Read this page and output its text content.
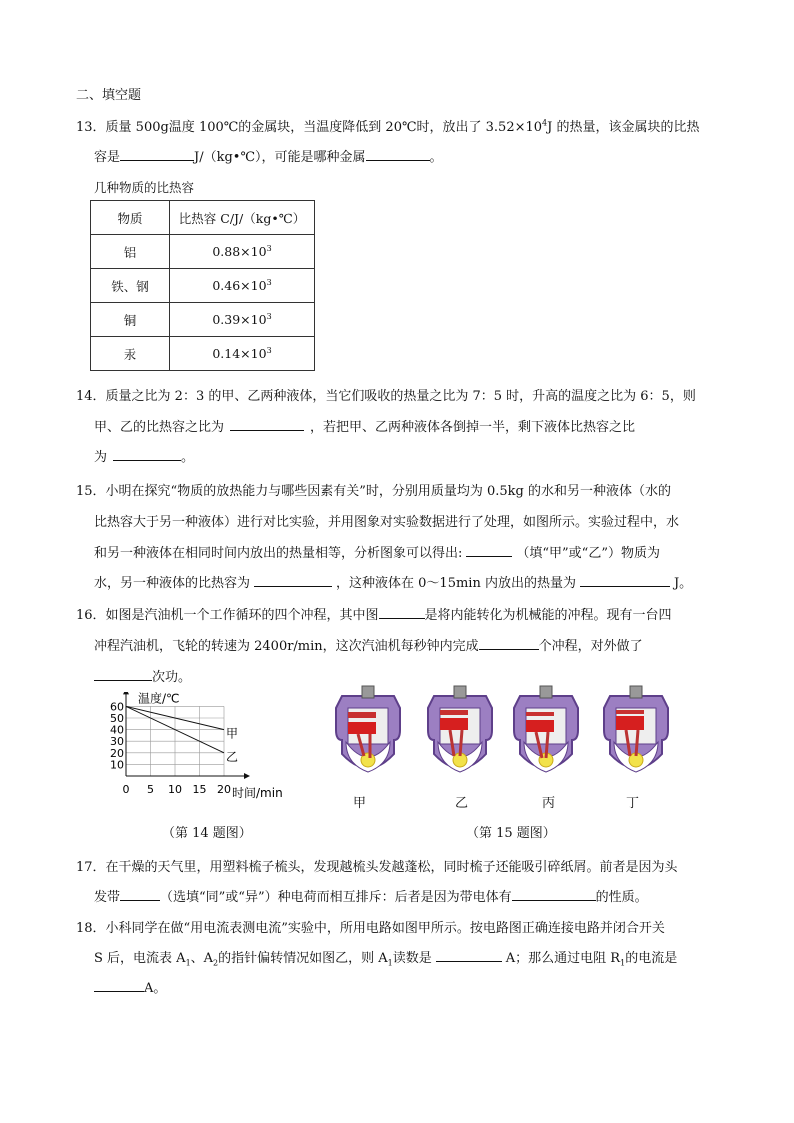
二、填空题
13．质量 500g温度 100℃的金属块，当温度降低到 20℃时，放出了 $3.52\times 10^4J$ 的热量，该金属块的比热
容是	J/（kg•℃），可能是哪种金属	。
几种物质的比热容
物质	比热容 C/J/（kg•℃）
铝	$0.88\times 10^3$
铁、钢	$0.46\times 10^3$
铜	$0.39\times 10^3$
汞	$0.14\times 10^3$
14．质量之比为 2：3 的甲、乙两种液体，当它们吸收的热量之比为 7：5 时，升高的温度之比为 6：5，则
甲、乙的比热容之比为	，若把甲、乙两种液体各倒掉一半，剩下液体比热容之比
为	。
15．小明在探究“物质的放热能力与哪些因素有关”时，分别用质量均为 0.5kg 的水和另一种液体（水的
比热容大于另一种液体）进行对比实验，并用图象对实验数据进行了处理，如图所示。实验过程中，水
和另一种液体在相同时间内放出的热量相等，分析图象可以得出:	（填“甲”或“乙”）物质为
水，另一种液体的比热容为	，这种液体在 0～15min 内放出的热量为	J。
16．如图是汽油机一个工作循环的四个冲程，其中图	是将内能转化为机械能的冲程。现有一台四
冲程汽油机，飞轮的转速为 2400r/min，这次汽油机每秒钟内完成	个冲程，对外做了
次功。
10
20
30
40
50
60
0 5 10 15 20
温度/℃
时间/min
甲
乙
甲	乙	丙	丁
（第 14 题图）	（第 15 题图）
17．在干燥的天气里，用塑料梳子梳头，发现越梳头发越蓬松，同时梳子还能吸引碎纸屑。前者是因为头
发带	（选填“同”或“异”）种电荷而相互排斥：后者是因为带电体有	的性质。
18．小科同学在做“用电流表测电流”实验中，所用电路如图甲所示。按电路图正确连接电路并闭合开关
S 后，电流表 $A_1$、$A_2$的指针偏转情况如图乙，则 $A_1$读数是	A；那么通过电阻 $R_1$的电流是
A。
